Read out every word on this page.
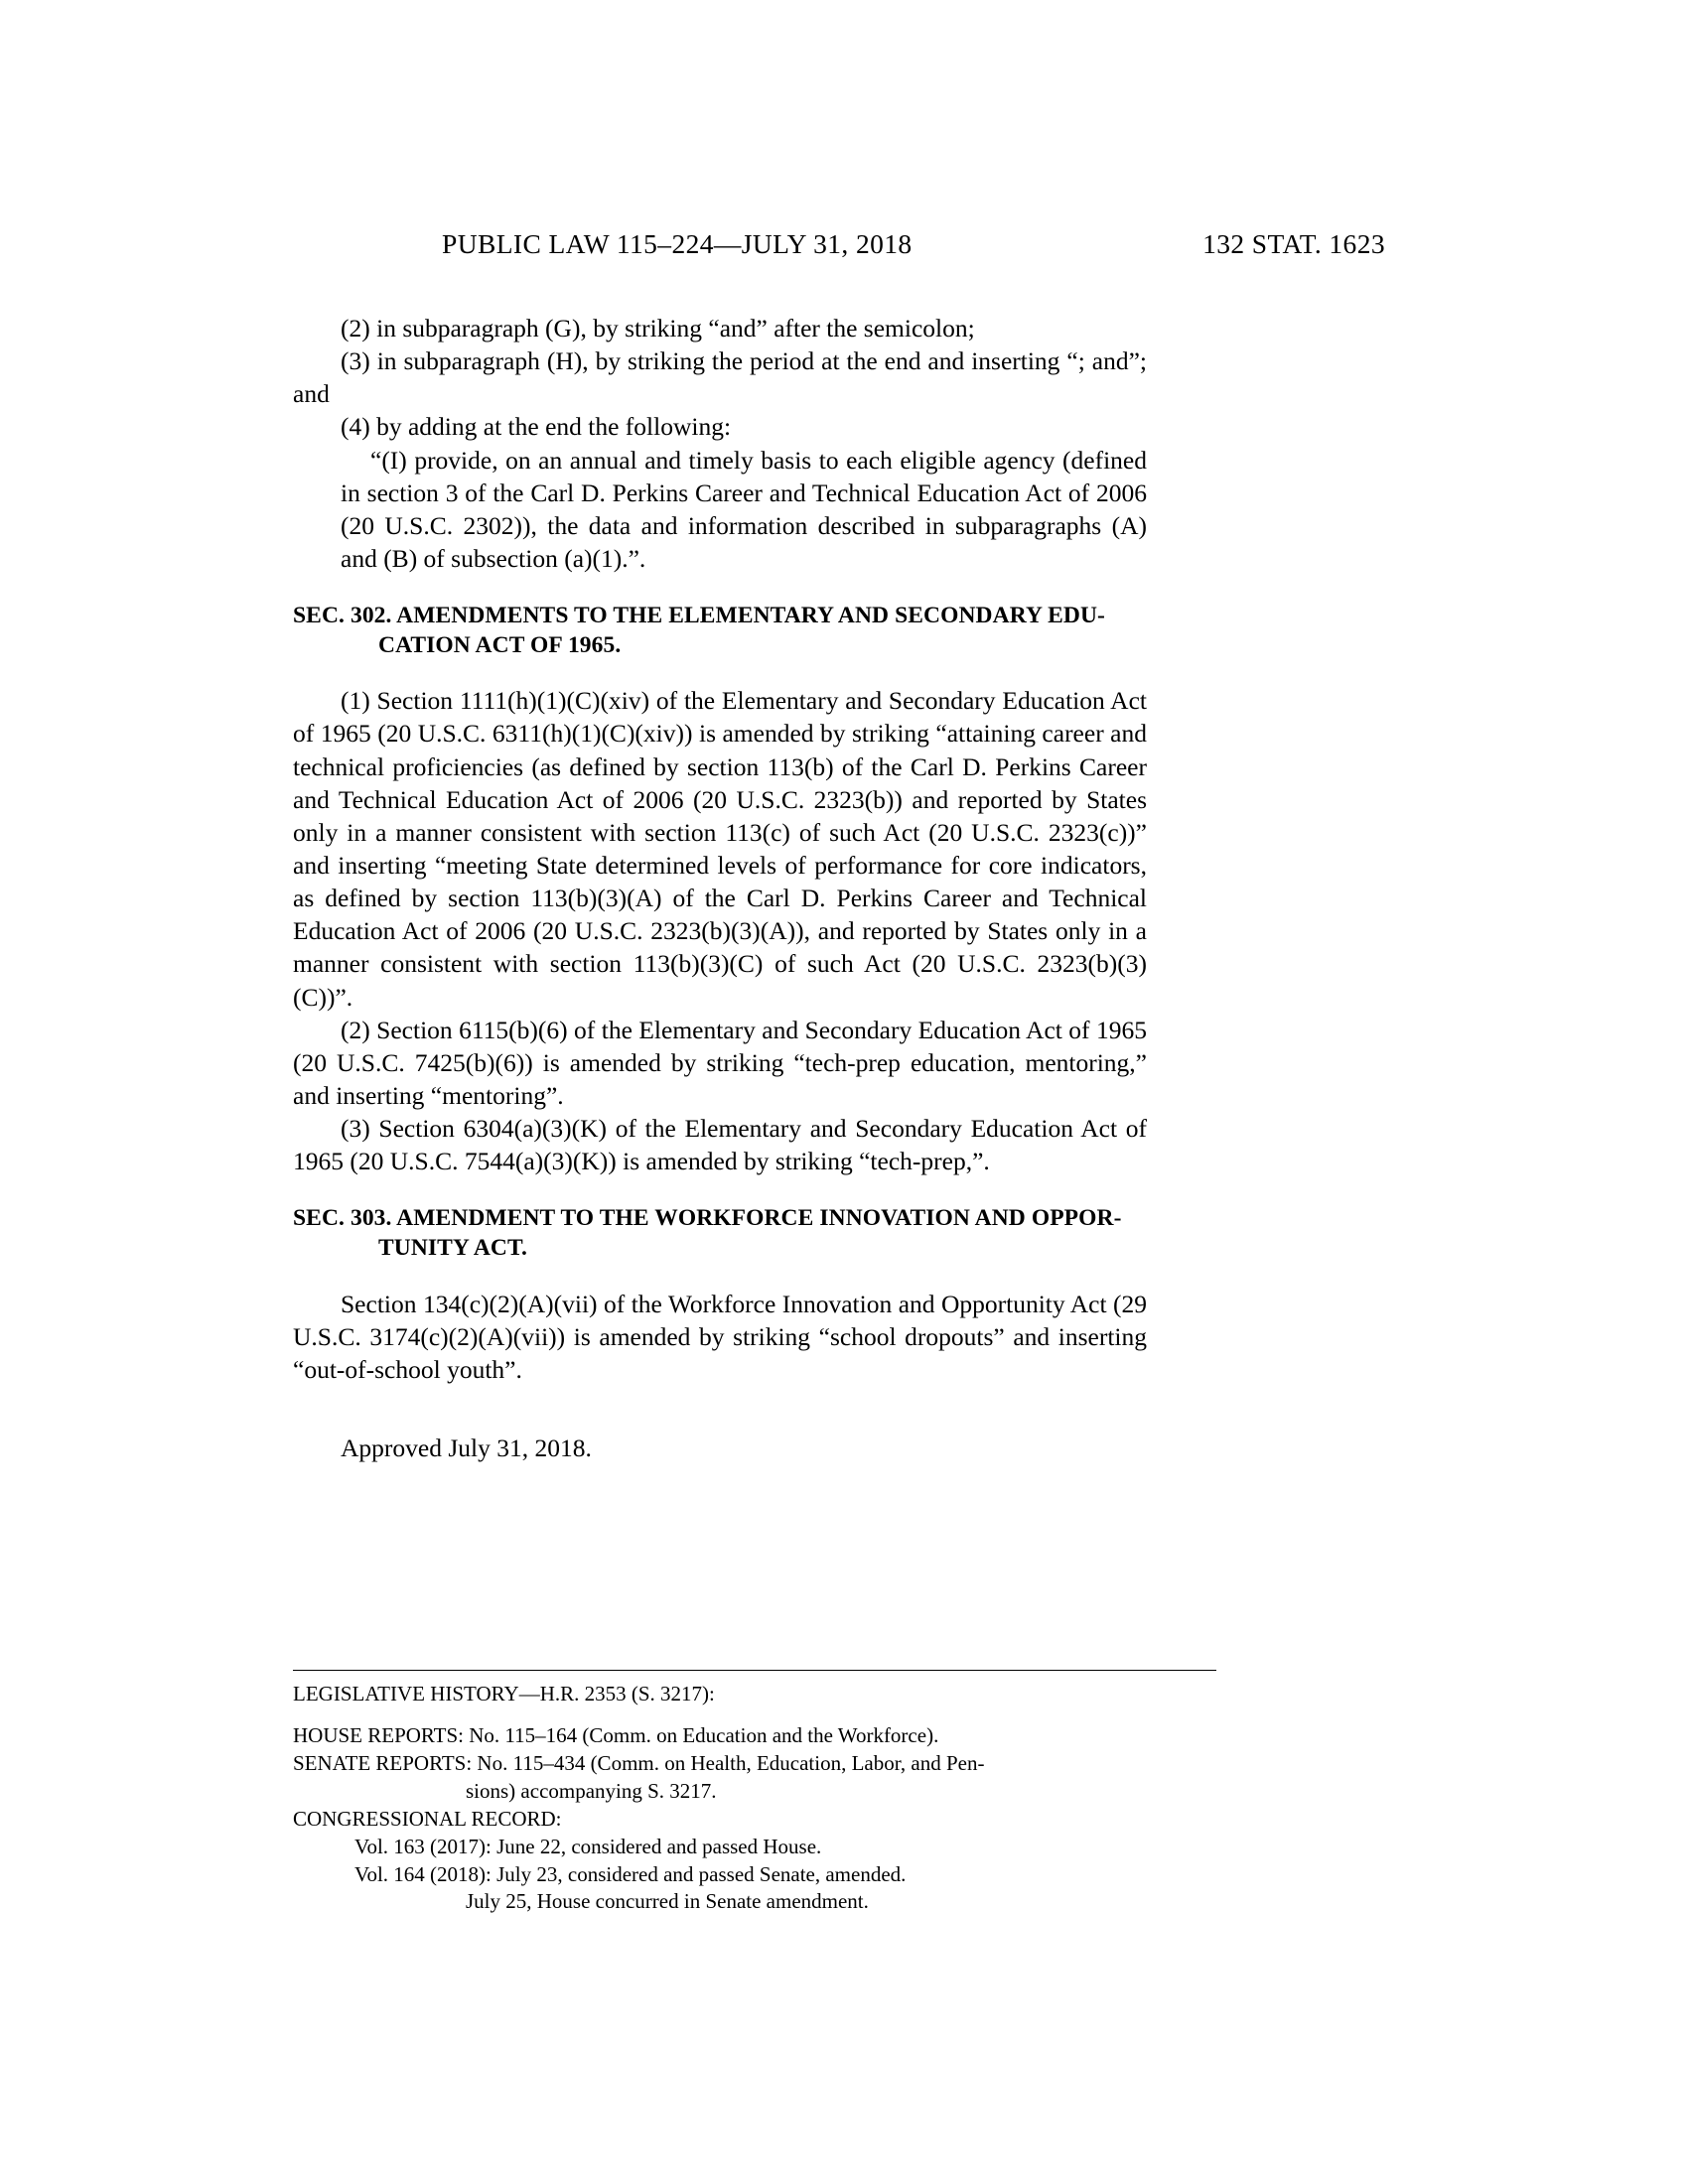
PUBLIC LAW 115–224—JULY 31, 2018	132 STAT. 1623

(2) in subparagraph (G), by striking “and” after the semicolon;

(3) in subparagraph (H), by striking the period at the end and inserting “; and”; and

(4) by adding at the end the following:

“(I) provide, on an annual and timely basis to each eligible agency (defined in section 3 of the Carl D. Perkins Career and Technical Education Act of 2006 (20 U.S.C. 2302)), the data and information described in subparagraphs (A) and (B) of subsection (a)(1).”.

SEC. 302. AMENDMENTS TO THE ELEMENTARY AND SECONDARY EDU-
CATION ACT OF 1965.

(1) Section 1111(h)(1)(C)(xiv) of the Elementary and Secondary Education Act of 1965 (20 U.S.C. 6311(h)(1)(C)(xiv)) is amended by striking “attaining career and technical proficiencies (as defined by section 113(b) of the Carl D. Perkins Career and Technical Education Act of 2006 (20 U.S.C. 2323(b)) and reported by States only in a manner consistent with section 113(c) of such Act (20 U.S.C. 2323(c))” and inserting “meeting State determined levels of performance for core indicators, as defined by section 113(b)(3)(A) of the Carl D. Perkins Career and Technical Education Act of 2006 (20 U.S.C. 2323(b)(3)(A)), and reported by States only in a manner consistent with section 113(b)(3)(C) of such Act (20 U.S.C. 2323(b)(3)(C))”.

(2) Section 6115(b)(6) of the Elementary and Secondary Education Act of 1965 (20 U.S.C. 7425(b)(6)) is amended by striking “tech-prep education, mentoring,” and inserting “mentoring”.

(3) Section 6304(a)(3)(K) of the Elementary and Secondary Education Act of 1965 (20 U.S.C. 7544(a)(3)(K)) is amended by striking “tech-prep,”.

SEC. 303. AMENDMENT TO THE WORKFORCE INNOVATION AND OPPOR-
TUNITY ACT.

Section 134(c)(2)(A)(vii) of the Workforce Innovation and Opportunity Act (29 U.S.C. 3174(c)(2)(A)(vii)) is amended by striking “school dropouts” and inserting “out-of-school youth”.

Approved July 31, 2018.

LEGISLATIVE HISTORY—H.R. 2353 (S. 3217):

HOUSE REPORTS: No. 115–164 (Comm. on Education and the Workforce).

SENATE REPORTS: No. 115–434 (Comm. on Health, Education, Labor, and Pen-

sions) accompanying S. 3217.

CONGRESSIONAL RECORD:

Vol. 163 (2017): June 22, considered and passed House.

Vol. 164 (2018): July 23, considered and passed Senate, amended.

July 25, House concurred in Senate amendment.
